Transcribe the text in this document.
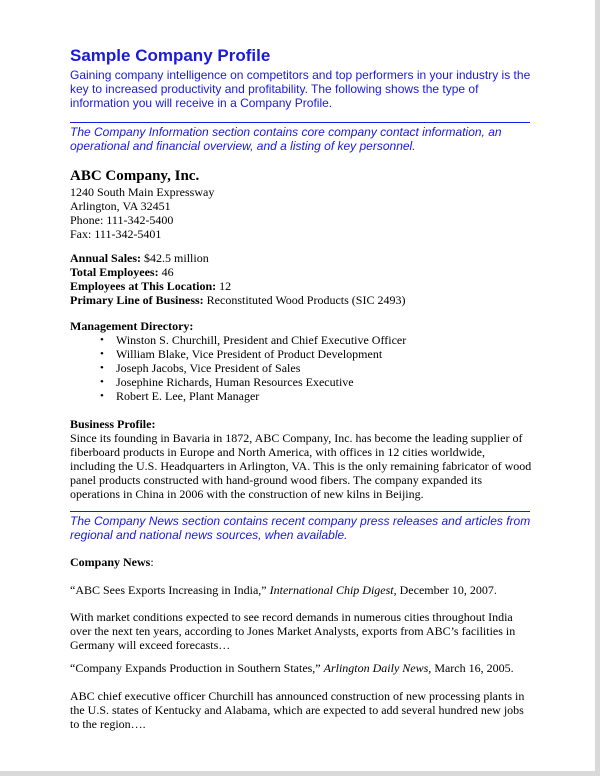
Sample Company Profile

Gaining company intelligence on competitors and top performers in your industry is the key to increased productivity and profitability. The following shows the type of information you will receive in a Company Profile.

The Company Information section contains core company contact information, an operational and financial overview, and a listing of key personnel.

ABC Company, Inc.
1240 South Main Expressway
Arlington, VA 32451
Phone: 111-342-5400
Fax: 111-342-5401
Annual Sales: $42.5 million
Total Employees: 46
Employees at This Location: 12
Primary Line of Business: Reconstituted Wood Products (SIC 2493)
Management Directory:
• Winston S. Churchill, President and Chief Executive Officer
• William Blake, Vice President of Product Development
• Joseph Jacobs, Vice President of Sales
• Josephine Richards, Human Resources Executive
• Robert E. Lee, Plant Manager
Business Profile:

Since its founding in Bavaria in 1872, ABC Company, Inc. has become the leading supplier of fiberboard products in Europe and North America, with offices in 12 cities worldwide, including the U.S. Headquarters in Arlington, VA. This is the only remaining fabricator of wood panel products constructed with hand-ground wood fibers. The company expanded its operations in China in 2006 with the construction of new kilns in Beijing.

The Company News section contains recent company press releases and articles from regional and national news sources, when available.

Company News:
“ABC Sees Exports Increasing in India,” International Chip Digest, December 10, 2007.

With market conditions expected to see record demands in numerous cities throughout India over the next ten years, according to Jones Market Analysts, exports from ABC’s facilities in Germany will exceed forecasts…

“Company Expands Production in Southern States,” Arlington Daily News, March 16, 2005.

ABC chief executive officer Churchill has announced construction of new processing plants in the U.S. states of Kentucky and Alabama, which are expected to add several hundred new jobs to the region….
